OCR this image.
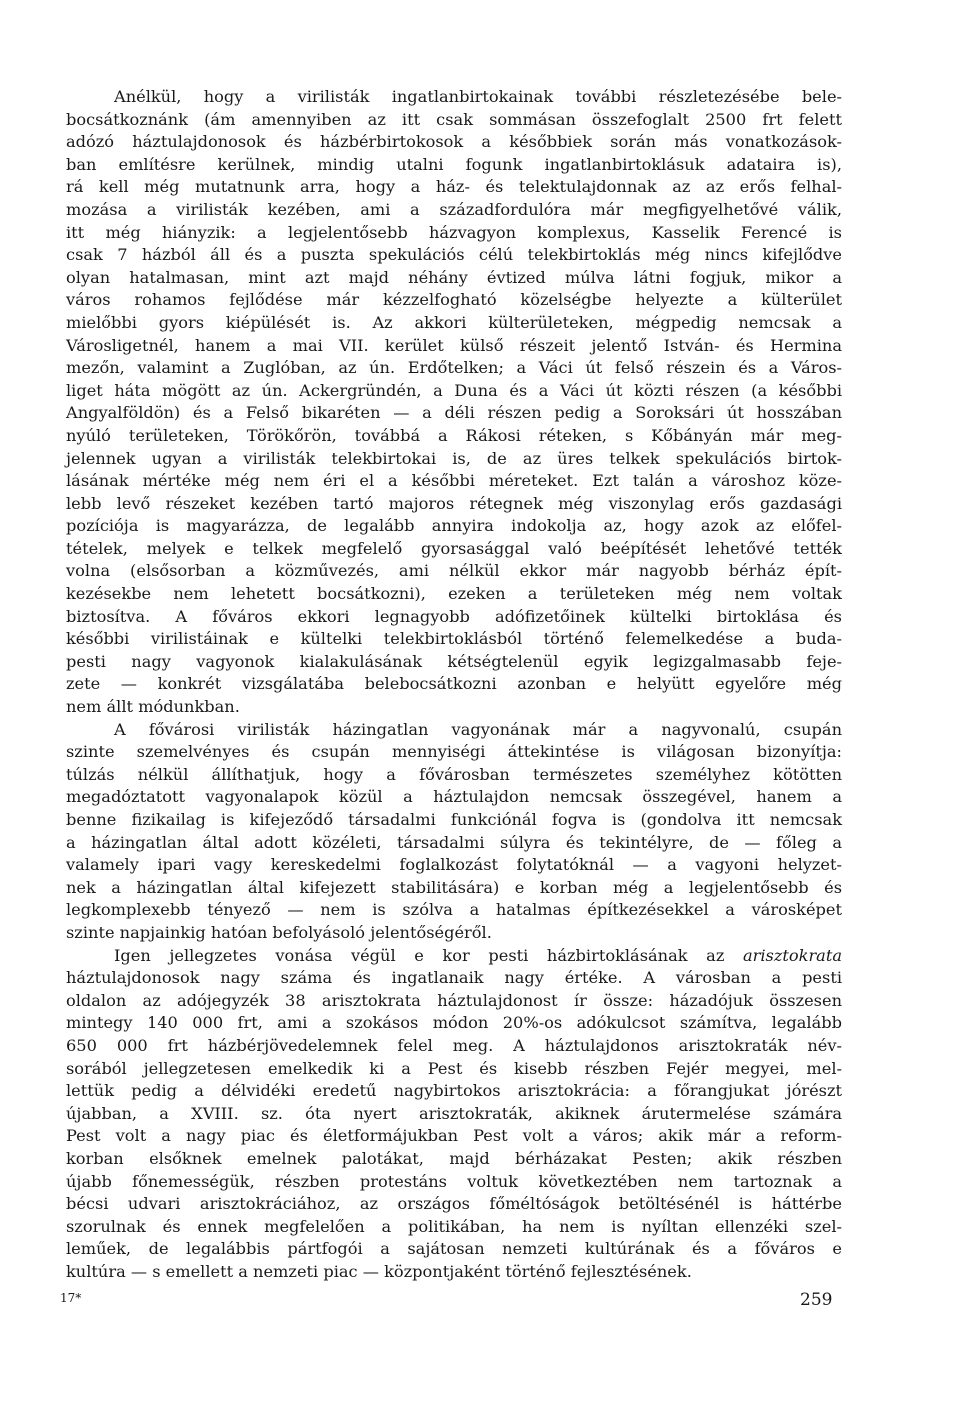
Anélkül, hogy a virilisták ingatlanbirtokainak további részletezésébe bele-
bocsátkoznánk (ám amennyiben az itt csak sommásan összefoglalt 2500 frt felett
adózó háztulajdonosok és házbérbirtokosok a későbbiek során más vonatkozások-
ban említésre kerülnek, mindig utalni fogunk ingatlanbirtoklásuk adataira is),
rá kell még mutatnunk arra, hogy a ház- és telektulajdonnak az az erős felhal-
mozása a virilisták kezében, ami a századfordulóra már megfigyelhetővé válik,
itt még hiányzik: a legjelentősebb házvagyon komplexus, Kasselik Ferencé is
csak 7 házból áll és a puszta spekulációs célú telekbirtoklás még nincs kifejlődve
olyan hatalmasan, mint azt majd néhány évtized múlva látni fogjuk, mikor a
város rohamos fejlődése már kézzelfogható közelségbe helyezte a külterület
mielőbbi gyors kiépülését is. Az akkori külterületeken, mégpedig nemcsak a
Városligetnél, hanem a mai VII. kerület külső részeit jelentő István- és Hermina
mezőn, valamint a Zuglóban, az ún. Erdőtelken; a Váci út felső részein és a Város-
liget háta mögött az ún. Ackergründén, a Duna és a Váci út közti részen (a későbbi
Angyalföldön) és a Felső bikaréten — a déli részen pedig a Soroksári út hosszában
nyúló területeken, Törökőrön, továbbá a Rákosi réteken, s Kőbányán már meg-
jelennek ugyan a virilisták telekbirtokai is, de az üres telkek spekulációs birtok-
lásának mértéke még nem éri el a későbbi méreteket. Ezt talán a városhoz köze-
lebb levő részeket kezében tartó majoros rétegnek még viszonylag erős gazdasági
pozíciója is magyarázza, de legalább annyira indokolja az, hogy azok az előfel-
tételek, melyek e telkek megfelelő gyorsasággal való beépítését lehetővé tették
volna (elsősorban a közművezés, ami nélkül ekkor már nagyobb bérház épít-
kezésekbe nem lehetett bocsátkozni), ezeken a területeken még nem voltak
biztosítva. A főváros ekkori legnagyobb adófizetőinek kültelki birtoklása és
későbbi virilistáinak e kültelki telekbirtoklásból történő felemelkedése a buda-
pesti nagy vagyonok kialakulásának kétségtelenül egyik legizgalmasabb feje-
zete — konkrét vizsgálatába belebocsátkozni azonban e helyütt egyelőre még
nem állt módunkban.
A fővárosi virilisták házingatlan vagyonának már a nagyvonalú, csupán
szinte szemelvényes és csupán mennyiségi áttekintése is világosan bizonyítja:
túlzás nélkül állíthatjuk, hogy a fővárosban természetes személyhez kötötten
megadóztatott vagyonalapok közül a háztulajdon nemcsak összegével, hanem a
benne fizikailag is kifejeződő társadalmi funkciónál fogva is (gondolva itt nemcsak
a házingatlan által adott közéleti, társadalmi súlyra és tekintélyre, de — főleg a
valamely ipari vagy kereskedelmi foglalkozást folytatóknál — a vagyoni helyzet-
nek a házingatlan által kifejezett stabilitására) e korban még a legjelentősebb és
legkomplexebb tényező — nem is szólva a hatalmas építkezésekkel a városképet
szinte napjainkig hatóan befolyásoló jelentőségéről.
Igen jellegzetes vonása végül e kor pesti házbirtoklásának az arisztokrata
háztulajdonosok nagy száma és ingatlanaik nagy értéke. A városban a pesti
oldalon az adójegyzék 38 arisztokrata háztulajdonost ír össze: házadójuk összesen
mintegy 140 000 frt, ami a szokásos módon 20%-os adókulcsot számítva, legalább
650 000 frt házbérjövedelemnek felel meg. A háztulajdonos arisztokraták név-
sorából jellegzetesen emelkedik ki a Pest és kisebb részben Fejér megyei, mel-
lettük pedig a délvidéki eredetű nagybirtokos arisztokrácia: a főrangjukat jórészt
újabban, a XVIII. sz. óta nyert arisztokraták, akiknek árutermelése számára
Pest volt a nagy piac és életformájukban Pest volt a város; akik már a reform-
korban elsőknek emelnek palotákat, majd bérházakat Pesten; akik részben
újabb főnemességük, részben protestáns voltuk következtében nem tartoznak a
bécsi udvari arisztokráciához, az országos főméltóságok betöltésénél is háttérbe
szorulnak és ennek megfelelően a politikában, ha nem is nyíltan ellenzéki szel-
leműek, de legalábbis pártfogói a sajátosan nemzeti kultúrának és a főváros e
kultúra — s emellett a nemzeti piac — központjaként történő fejlesztésének.
17*	259
